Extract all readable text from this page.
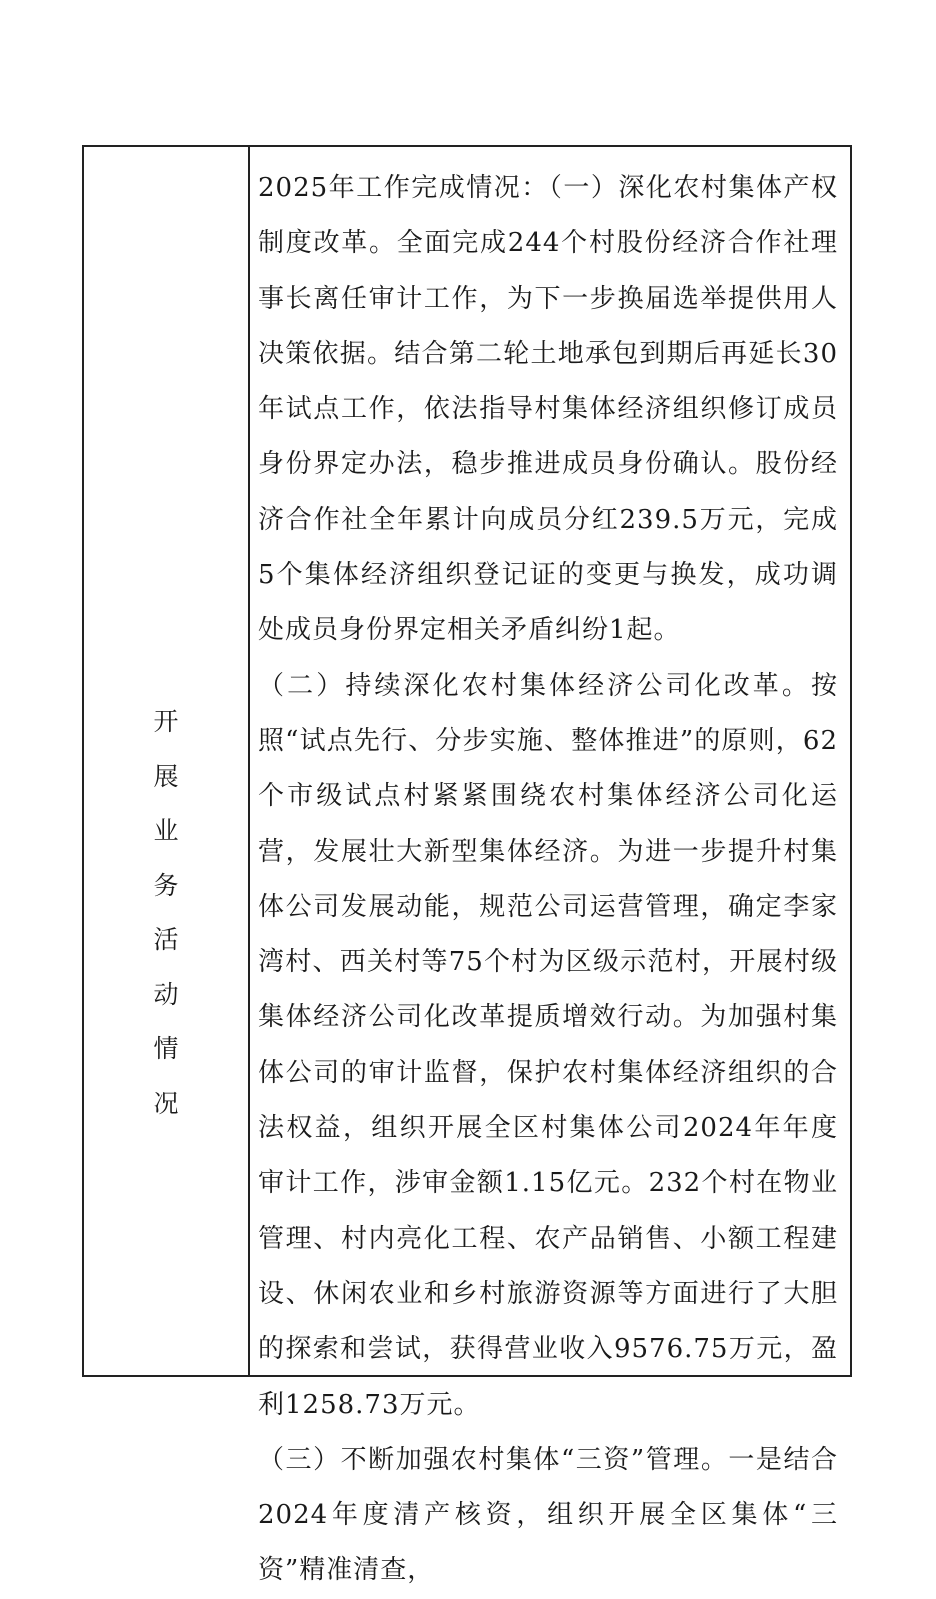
开
展
业
务
活
动
情
况

2025年工作完成情况：（一）深化农村集体产权制度改革。全面完成244个村股份经济合作社理事长离任审计工作，为下一步换届选举提供用人决策依据。结合第二轮土地承包到期后再延长30年试点工作，依法指导村集体经济组织修订成员身份界定办法，稳步推进成员身份确认。股份经济合作社全年累计向成员分红239.5万元，完成5个集体经济组织登记证的变更与换发，成功调处成员身份界定相关矛盾纠纷1起。

（二）持续深化农村集体经济公司化改革。按照“试点先行、分步实施、整体推进”的原则，62个市级试点村紧紧围绕农村集体经济公司化运营，发展壮大新型集体经济。为进一步提升村集体公司发展动能，规范公司运营管理，确定李家湾村、西关村等75个村为区级示范村，开展村级集体经济公司化改革提质增效行动。为加强村集体公司的审计监督，保护农村集体经济组织的合法权益，组织开展全区村集体公司2024年年度审计工作，涉审金额1.15亿元。232个村在物业管理、村内亮化工程、农产品销售、小额工程建设、休闲农业和乡村旅游资源等方面进行了大胆的探索和尝试，获得营业收入9576.75万元，盈利1258.73万元。

（三）不断加强农村集体“三资”管理。一是结合2024年度清产核资，组织开展全区集体“三资”精准清查，
